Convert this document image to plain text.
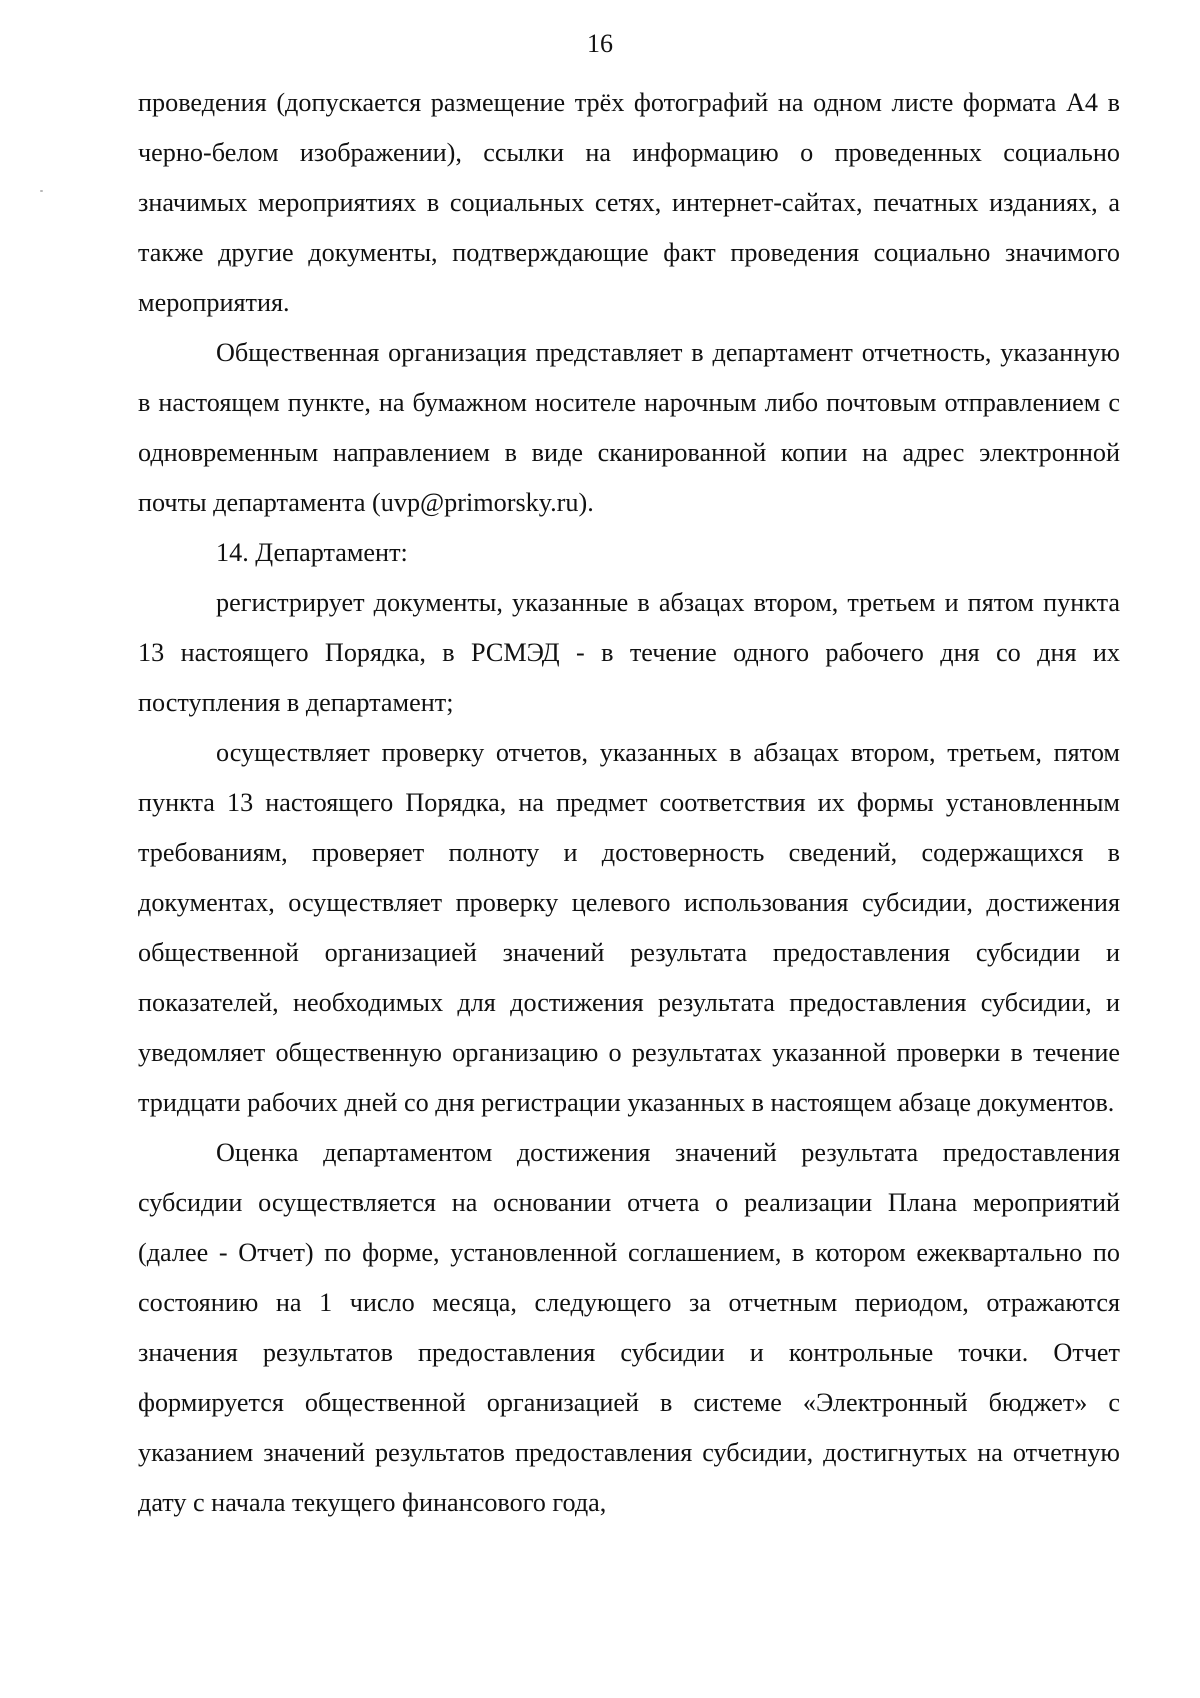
16

проведения (допускается размещение трёх фотографий на одном листе формата А4 в черно-белом изображении), ссылки на информацию о проведенных социально значимых мероприятиях в социальных сетях, интернет-сайтах, печатных изданиях, а также другие документы, подтверждающие факт проведения социально значимого мероприятия.

Общественная организация представляет в департамент отчетность, указанную в настоящем пункте, на бумажном носителе нарочным либо почтовым отправлением с одновременным направлением в виде сканированной копии на адрес электронной почты департамента (uvp@primorsky.ru).

14. Департамент:

регистрирует документы, указанные в абзацах втором, третьем и пятом пункта 13 настоящего Порядка, в РСМЭД - в течение одного рабочего дня со дня их поступления в департамент;

осуществляет проверку отчетов, указанных в абзацах втором, третьем, пятом пункта 13 настоящего Порядка, на предмет соответствия их формы установленным требованиям, проверяет полноту и достоверность сведений, содержащихся в документах, осуществляет проверку целевого использования субсидии, достижения общественной организацией значений результата предоставления субсидии и показателей, необходимых для достижения результата предоставления субсидии, и уведомляет общественную организацию о результатах указанной проверки в течение тридцати рабочих дней со дня регистрации указанных в настоящем абзаце документов.

Оценка департаментом достижения значений результата предоставления субсидии осуществляется на основании отчета о реализации Плана мероприятий (далее - Отчет) по форме, установленной соглашением, в котором ежеквартально по состоянию на 1 число месяца, следующего за отчетным периодом, отражаются значения результатов предоставления субсидии и контрольные точки. Отчет формируется общественной организацией в системе «Электронный бюджет» с указанием значений результатов предоставления субсидии, достигнутых на отчетную дату с начала текущего финансового года,
